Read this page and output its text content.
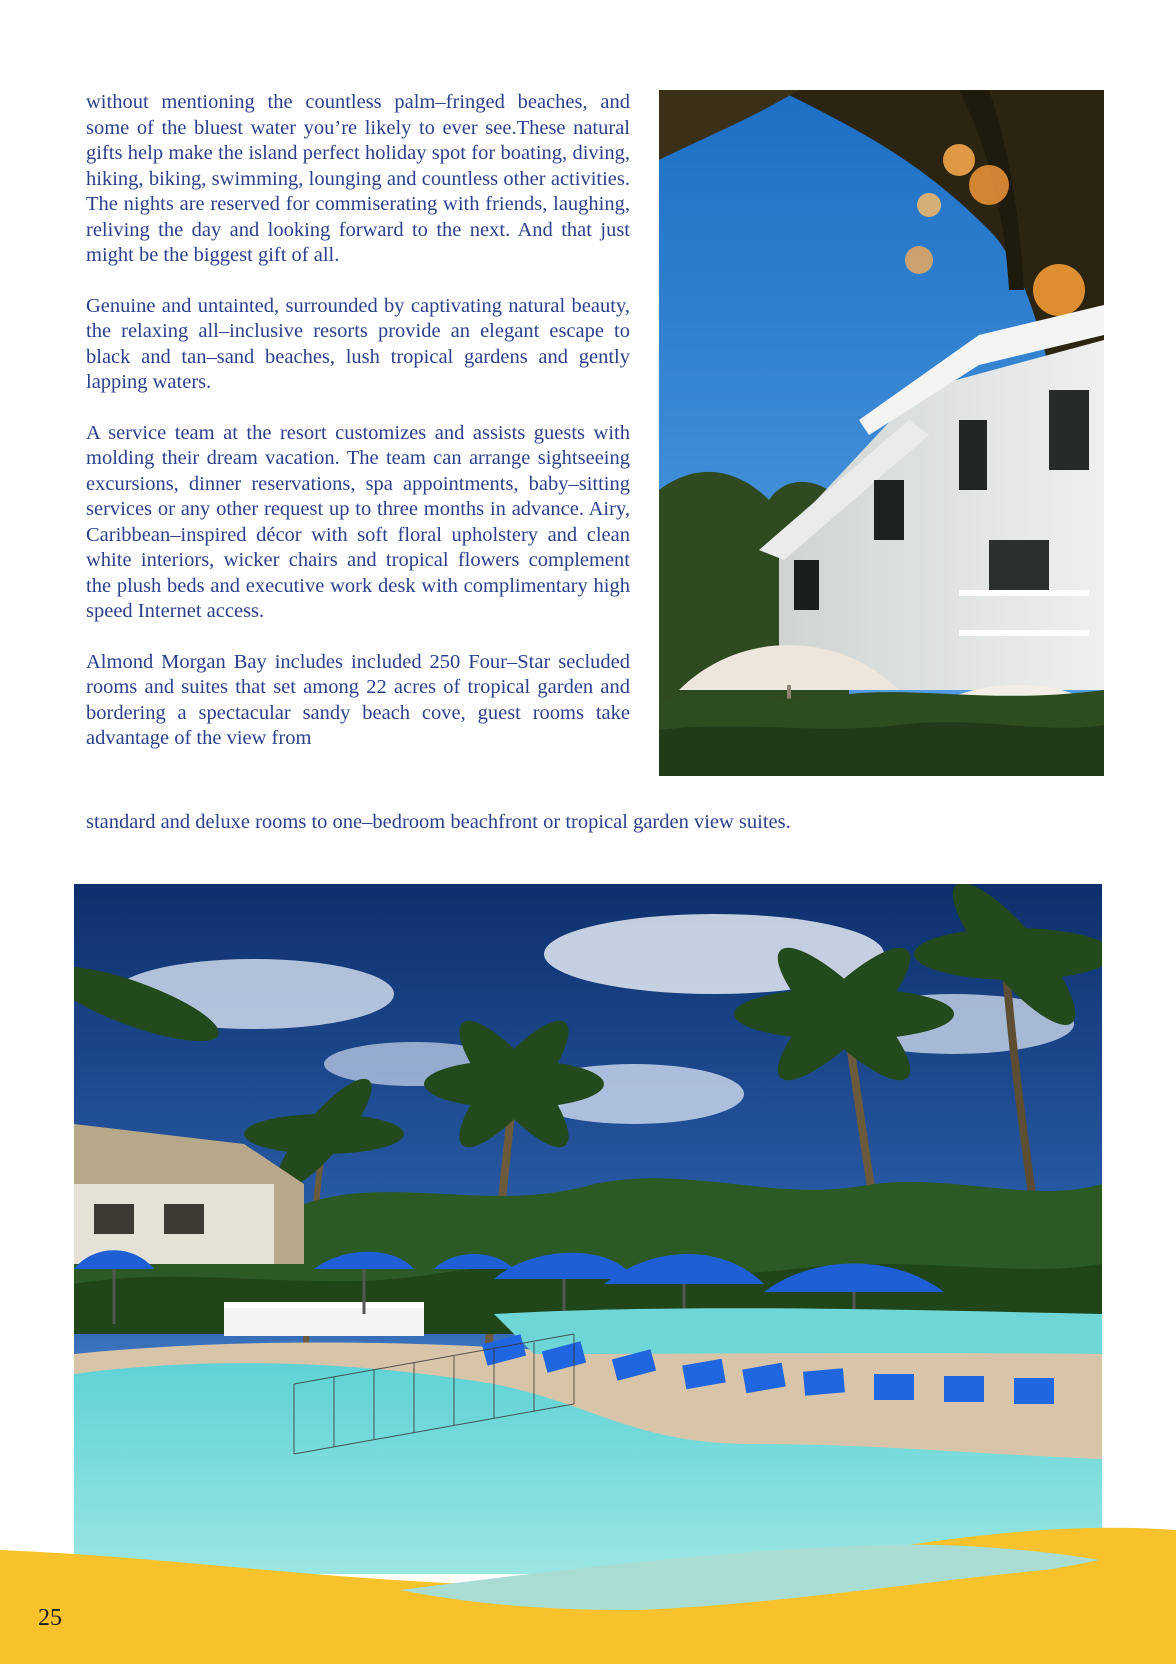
without mentioning the countless palm–fringed beaches, and some of the bluest water you’re likely to ever see.These natural gifts help make the island perfect holiday spot for boating, diving, hiking, biking, swimming, lounging and countless other activities. The nights are reserved for commiserating with friends, laughing, reliving the day and looking forward to the next. And that just might be the biggest gift of all.

Genuine and untainted, surrounded by captivating natural beauty, the relaxing all–inclusive resorts provide an elegant escape to black and tan–sand beaches, lush tropical gardens and gently lapping waters.

A service team at the resort customizes and assists guests with molding their dream vacation. The team can arrange sightseeing excursions, dinner reservations, spa appointments, baby–sitting services or any other request up to three months in advance. Airy, Caribbean–inspired décor with soft floral upholstery and clean white interiors, wicker chairs and tropical flowers complement the plush beds and executive work desk with complimentary high speed Internet access.

Almond Morgan Bay includes included 250 Four–Star secluded rooms and suites that set among 22 acres of tropical garden and bordering a spectacular sandy beach cove, guest rooms take advantage of the view from

standard and deluxe rooms to one–bedroom beachfront or tropical garden view suites.
25
